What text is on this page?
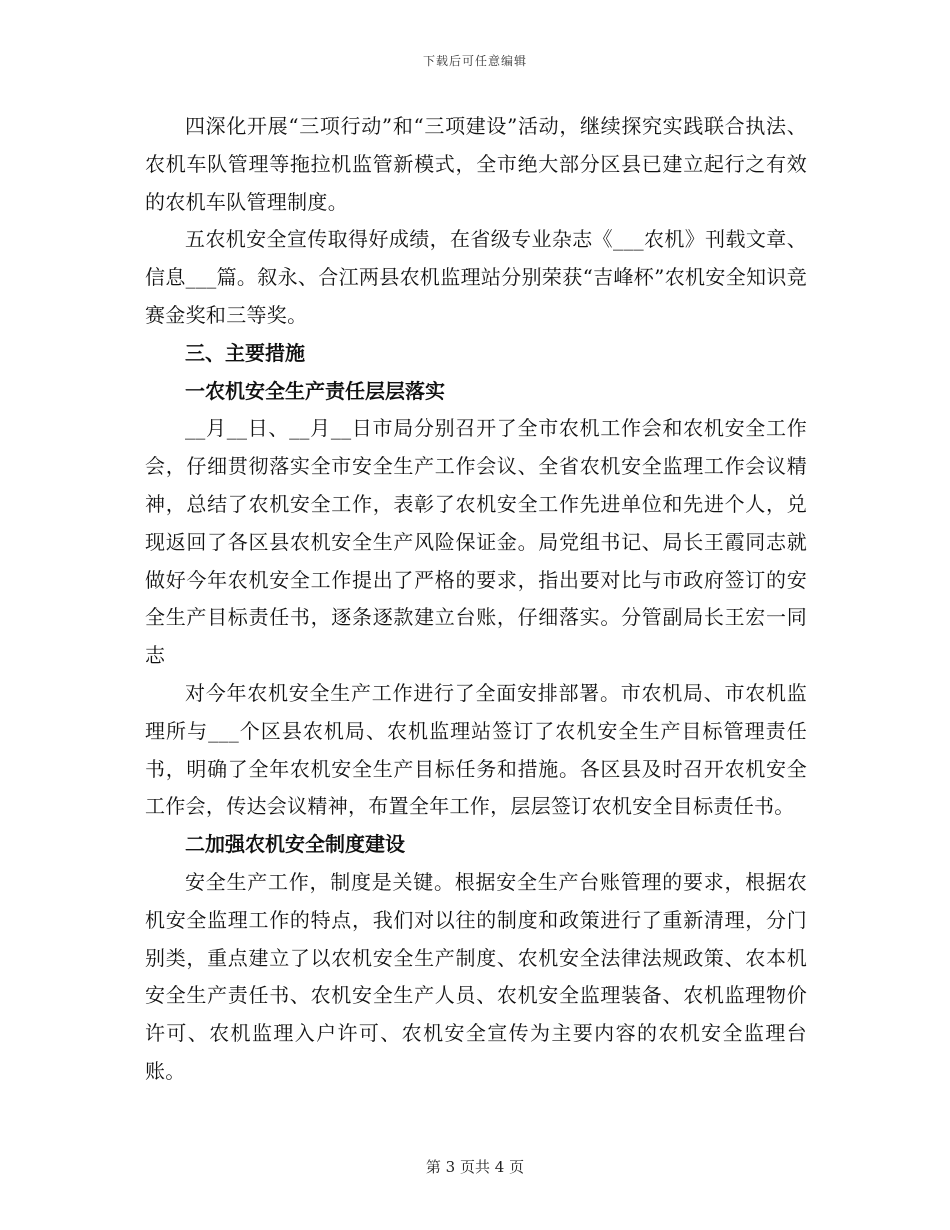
下载后可任意编辑

四深化开展“三项行动”和“三项建设”活动，继续探究实践联合执法、农机车队管理等拖拉机监管新模式，全市绝大部分区县已建立起行之有效的农机车队管理制度。

五农机安全宣传取得好成绩，在省级专业杂志《___农机》刊载文章、信息___篇。叙永、合江两县农机监理站分别荣获“吉峰杯”农机安全知识竞赛金奖和三等奖。

三、主要措施

一农机安全生产责任层层落实

__月__日、__月__日市局分别召开了全市农机工作会和农机安全工作会，仔细贯彻落实全市安全生产工作会议、全省农机安全监理工作会议精神，总结了农机安全工作，表彰了农机安全工作先进单位和先进个人，兑现返回了各区县农机安全生产风险保证金。局党组书记、局长王霞同志就做好今年农机安全工作提出了严格的要求，指出要对比与市政府签订的安全生产目标责任书，逐条逐款建立台账，仔细落实。分管副局长王宏一同志

对今年农机安全生产工作进行了全面安排部署。市农机局、市农机监理所与___个区县农机局、农机监理站签订了农机安全生产目标管理责任书，明确了全年农机安全生产目标任务和措施。各区县及时召开农机安全工作会，传达会议精神，布置全年工作，层层签订农机安全目标责任书。

二加强农机安全制度建设

安全生产工作，制度是关键。根据安全生产台账管理的要求，根据农机安全监理工作的特点，我们对以往的制度和政策进行了重新清理，分门别类，重点建立了以农机安全生产制度、农机安全法律法规政策、农本机安全生产责任书、农机安全生产人员、农机安全监理装备、农机监理物价许可、农机监理入户许可、农机安全宣传为主要内容的农机安全监理台账。

第 3 页共 4 页
